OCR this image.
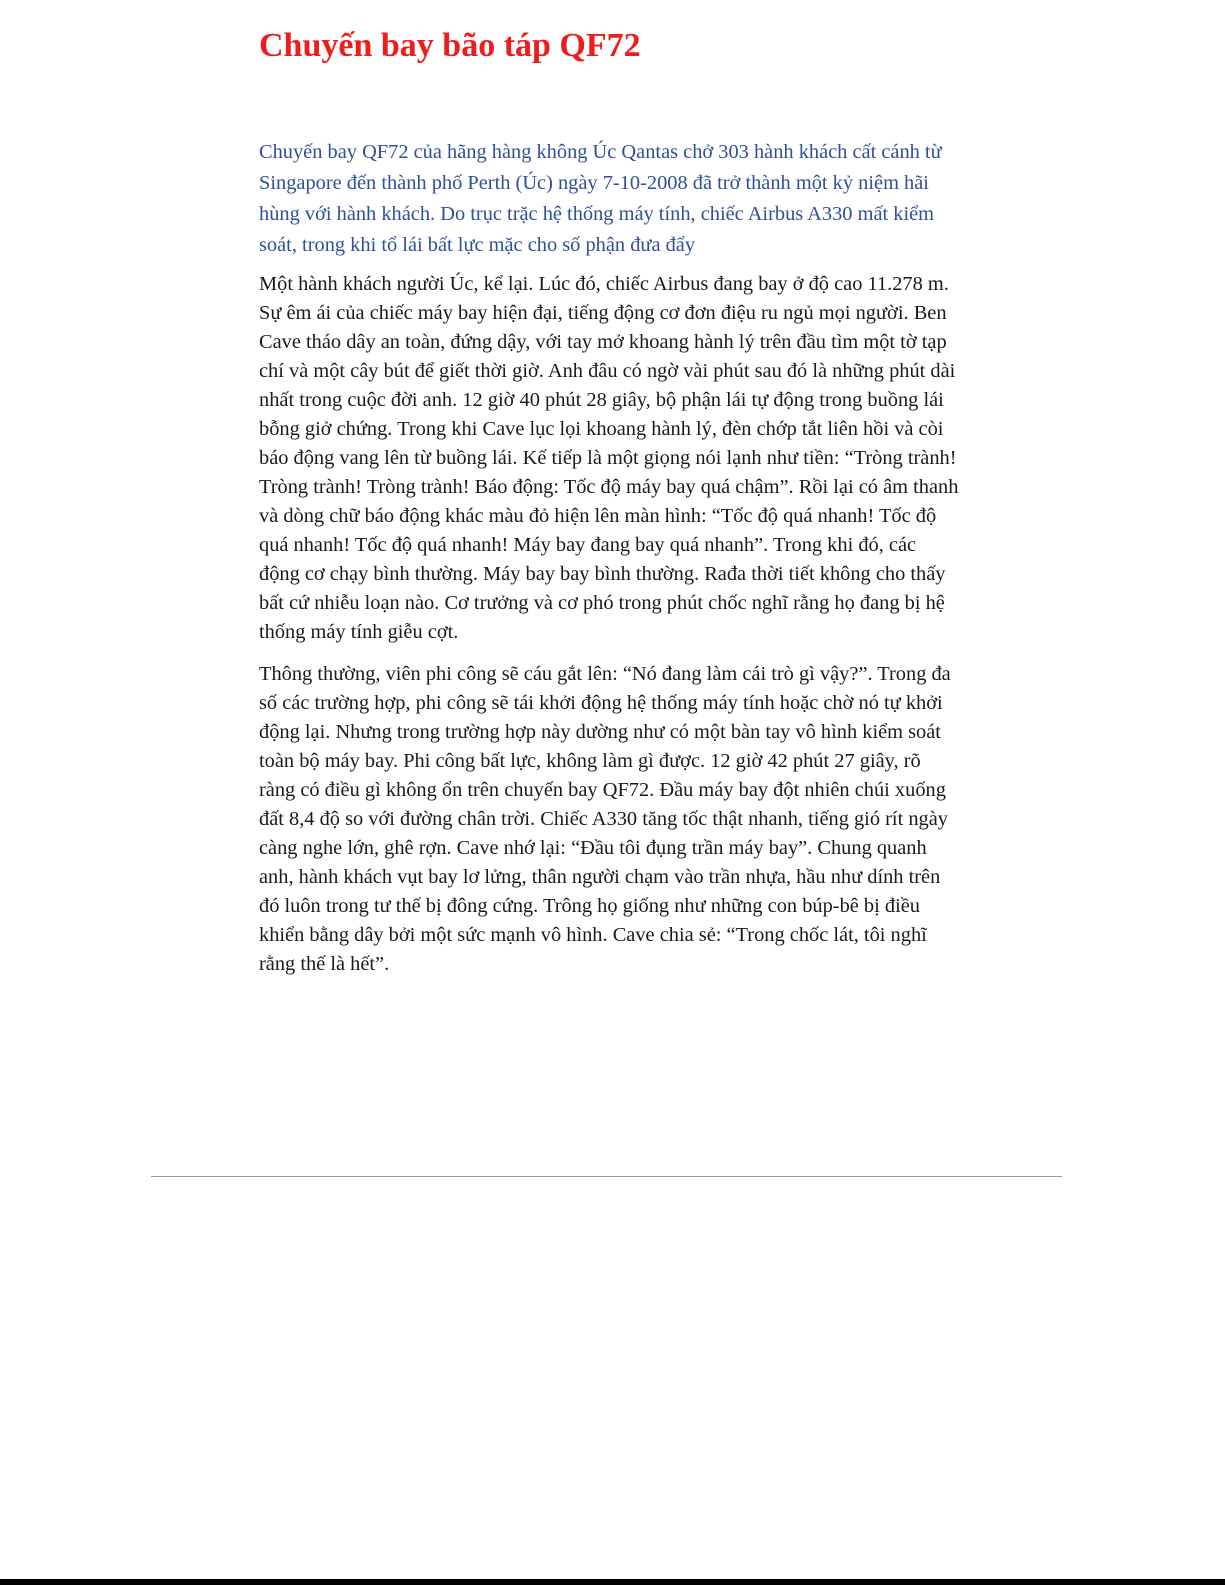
Chuyến bay bão táp QF72

Chuyến bay QF72 của hãng hàng không Úc Qantas chở 303 hành khách cất cánh từ Singapore đến thành phố Perth (Úc) ngày 7-10-2008 đã trở thành một kỷ niệm hãi hùng với hành khách. Do trục trặc hệ thống máy tính, chiếc Airbus A330 mất kiểm soát, trong khi tổ lái bất lực mặc cho số phận đưa đẩy

Một hành khách người Úc, kể lại. Lúc đó, chiếc Airbus đang bay ở độ cao 11.278 m. Sự êm ái của chiếc máy bay hiện đại, tiếng động cơ đơn điệu ru ngủ mọi người. Ben Cave tháo dây an toàn, đứng dậy, với tay mở khoang hành lý trên đầu tìm một tờ tạp chí và một cây bút để giết thời giờ. Anh đâu có ngờ vài phút sau đó là những phút dài nhất trong cuộc đời anh. 12 giờ 40 phút 28 giây, bộ phận lái tự động trong buồng lái bỗng giở chứng. Trong khi Cave lục lọi khoang hành lý, đèn chớp tắt liên hồi và còi báo động vang lên từ buồng lái. Kế tiếp là một giọng nói lạnh như tiền: “Tròng trành! Tròng trành! Tròng trành! Báo động: Tốc độ máy bay quá chậm”. Rồi lại có âm thanh và dòng chữ báo động khác màu đỏ hiện lên màn hình: “Tốc độ quá nhanh! Tốc độ quá nhanh! Tốc độ quá nhanh! Máy bay đang bay quá nhanh”. Trong khi đó, các động cơ chạy bình thường. Máy bay bay bình thường. Rađa thời tiết không cho thấy bất cứ nhiễu loạn nào. Cơ trưởng và cơ phó trong phút chốc nghĩ rằng họ đang bị hệ thống máy tính giễu cợt.

Thông thường, viên phi công sẽ cáu gắt lên: “Nó đang làm cái trò gì vậy?”. Trong đa số các trường hợp, phi công sẽ tái khởi động hệ thống máy tính hoặc chờ nó tự khởi động lại. Nhưng trong trường hợp này dường như có một bàn tay vô hình kiểm soát toàn bộ máy bay. Phi công bất lực, không làm gì được. 12 giờ 42 phút 27 giây, rõ ràng có điều gì không ổn trên chuyến bay QF72. Đầu máy bay đột nhiên chúi xuống đất 8,4 độ so với đường chân trời. Chiếc A330 tăng tốc thật nhanh, tiếng gió rít ngày càng nghe lớn, ghê rợn. Cave nhớ lại: “Đầu tôi đụng trần máy bay”. Chung quanh anh, hành khách vụt bay lơ lửng, thân người chạm vào trần nhựa, hầu như dính trên đó luôn trong tư thế bị đông cứng. Trông họ giống như những con búp-bê bị điều khiển bằng dây bởi một sức mạnh vô hình. Cave chia sẻ: “Trong chốc lát, tôi nghĩ rằng thế là hết”.
